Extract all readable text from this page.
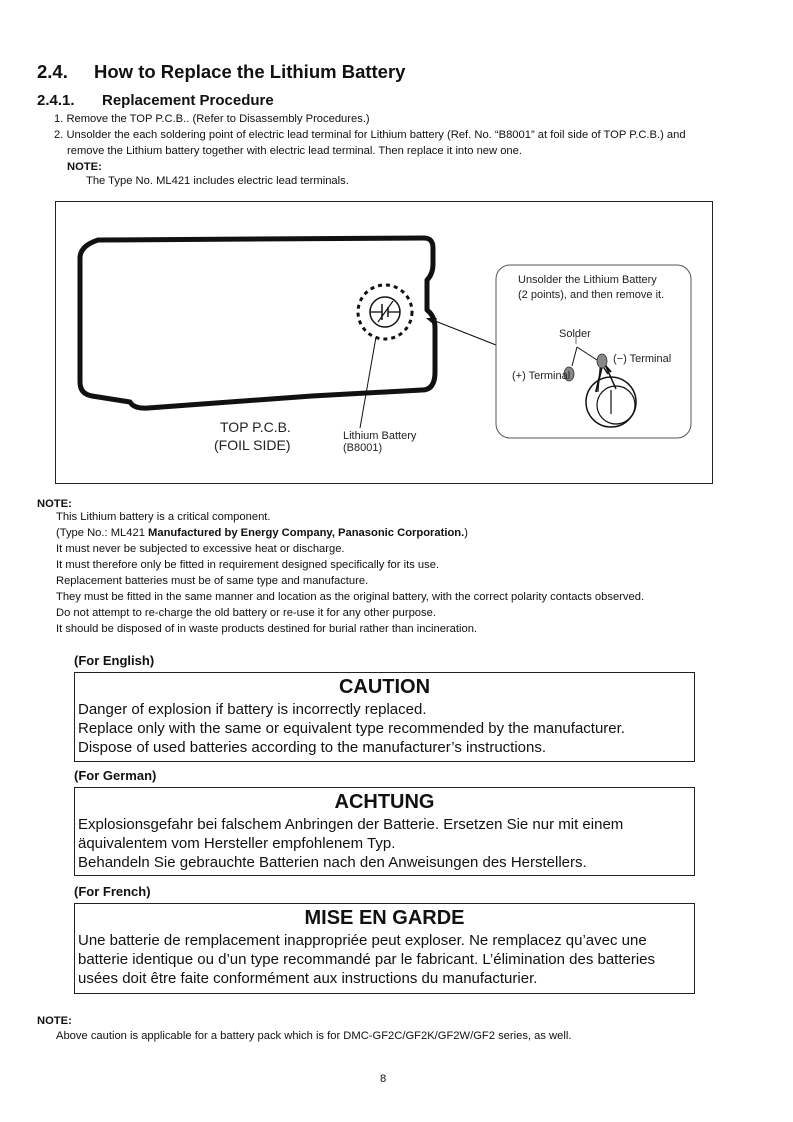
2.4. How to Replace the Lithium Battery
2.4.1. Replacement Procedure
1. Remove the TOP P.C.B.. (Refer to Disassembly Procedures.)
2. Unsolder the each soldering point of electric lead terminal for Lithium battery (Ref. No. “B8001” at foil side of TOP P.C.B.) and
remove the Lithium battery together with electric lead terminal. Then replace it into new one.
NOTE:
The Type No. ML421 includes electric lead terminals.
Unsolder the Lithium Battery
(2 points), and then remove it.
Solder
(−) Terminal
(+) Terminal
TOP P.C.B.
(FOIL SIDE)
Lithium Battery
(B8001)
NOTE:
This Lithium battery is a critical component.
(Type No.: ML421 Manufactured by Energy Company, Panasonic Corporation.)
It must never be subjected to excessive heat or discharge.
It must therefore only be fitted in requirement designed specifically for its use.
Replacement batteries must be of same type and manufacture.
They must be fitted in the same manner and location as the original battery, with the correct polarity contacts observed.
Do not attempt to re-charge the old battery or re-use it for any other purpose.
It should be disposed of in waste products destined for burial rather than incineration.
(For English)
CAUTION
Danger of explosion if battery is incorrectly replaced.
Replace only with the same or equivalent type recommended by the manufacturer.
Dispose of used batteries according to the manufacturer’s instructions.
(For German)
ACHTUNG
Explosionsgefahr bei falschem Anbringen der Batterie. Ersetzen Sie nur mit einem
äquivalentem vom Hersteller empfohlenem Typ.
Behandeln Sie gebrauchte Batterien nach den Anweisungen des Herstellers.
(For French)
MISE EN GARDE
Une batterie de remplacement inappropriée peut exploser. Ne remplacez qu’avec une
batterie identique ou d’un type recommandé par le fabricant. L’élimination des batteries
usées doit être faite conformément aux instructions du manufacturier.
NOTE:
Above caution is applicable for a battery pack which is for DMC-GF2C/GF2K/GF2W/GF2 series, as well.
8
